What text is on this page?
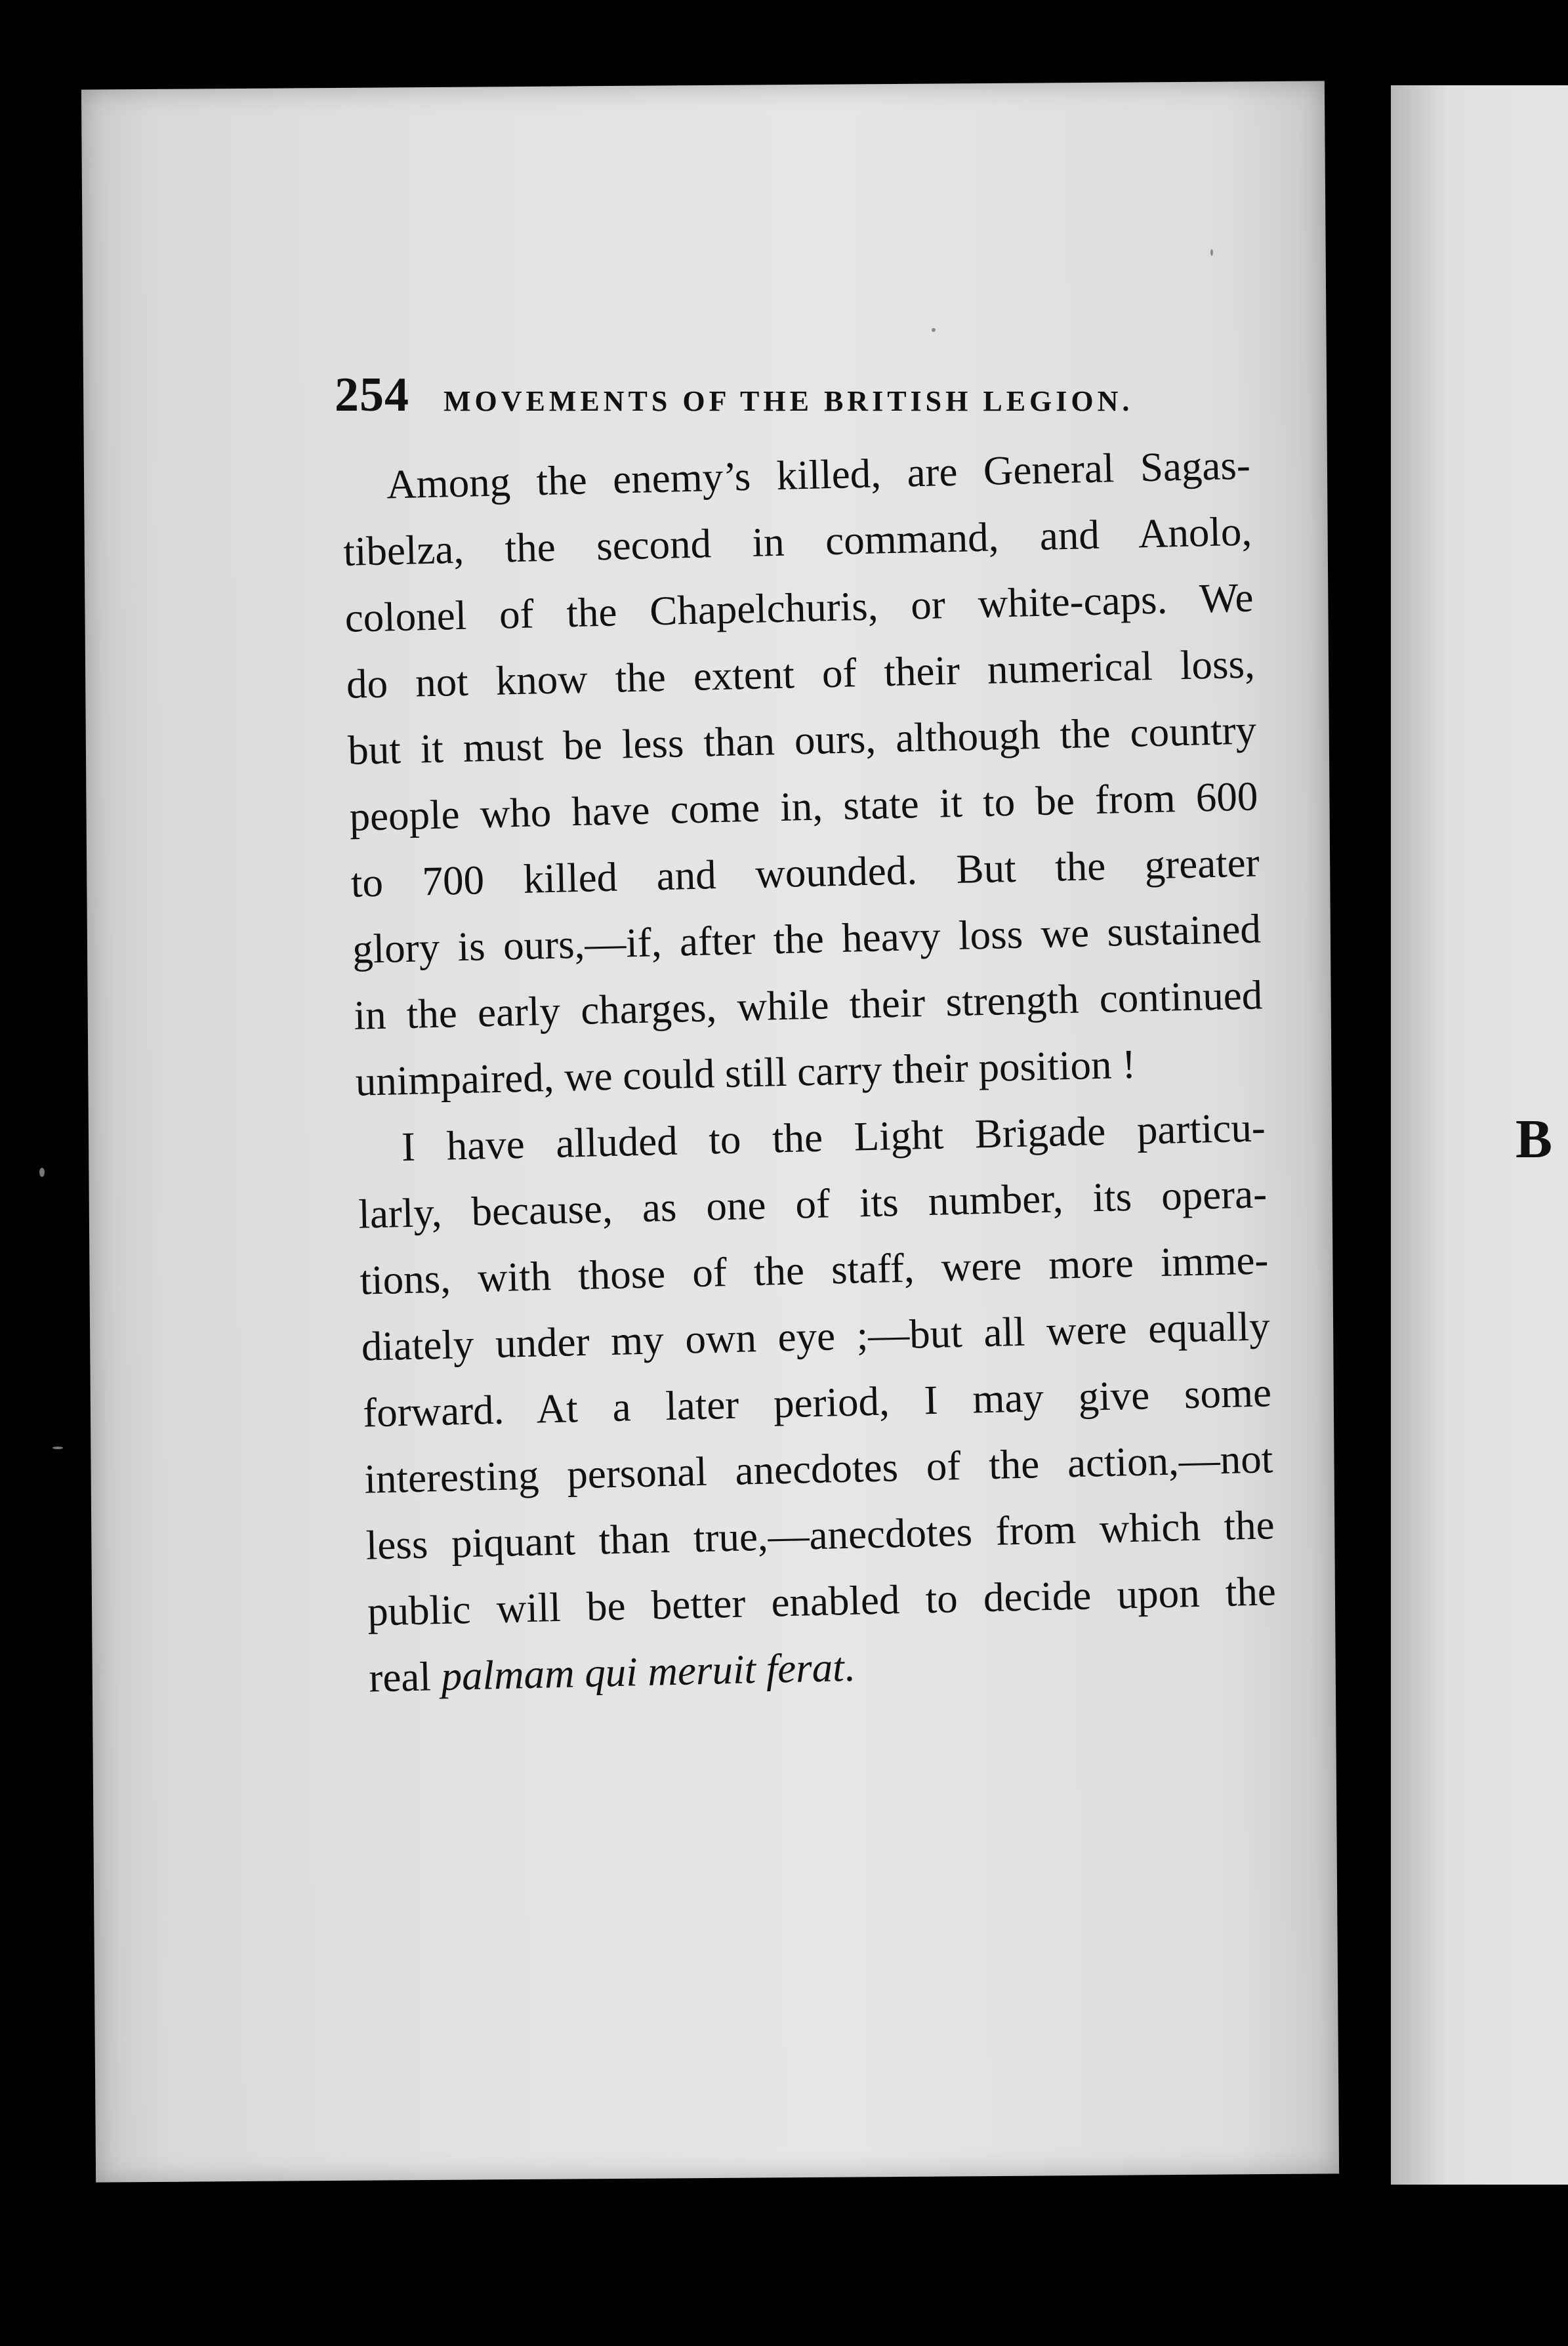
B
254 MOVEMENTS OF THE BRITISH LEGION.
Among the enemy’s killed, are General Sagas-
tibelza, the second in command, and Anolo,
colonel of the Chapelchuris, or white-caps. We
do not know the extent of their numerical loss,
but it must be less than ours, although the country
people who have come in, state it to be from 600
to 700 killed and wounded. But the greater
glory is ours,—if, after the heavy loss we sustained
in the early charges, while their strength continued
unimpaired, we could still carry their position !
I have alluded to the Light Brigade particu-
larly, because, as one of its number, its opera-
tions, with those of the staff, were more imme-
diately under my own eye ;—but all were equally
forward. At a later period, I may give some
interesting personal anecdotes of the action,—not
less piquant than true,—anecdotes from which the
public will be better enabled to decide upon the
real palmam qui meruit ferat.
